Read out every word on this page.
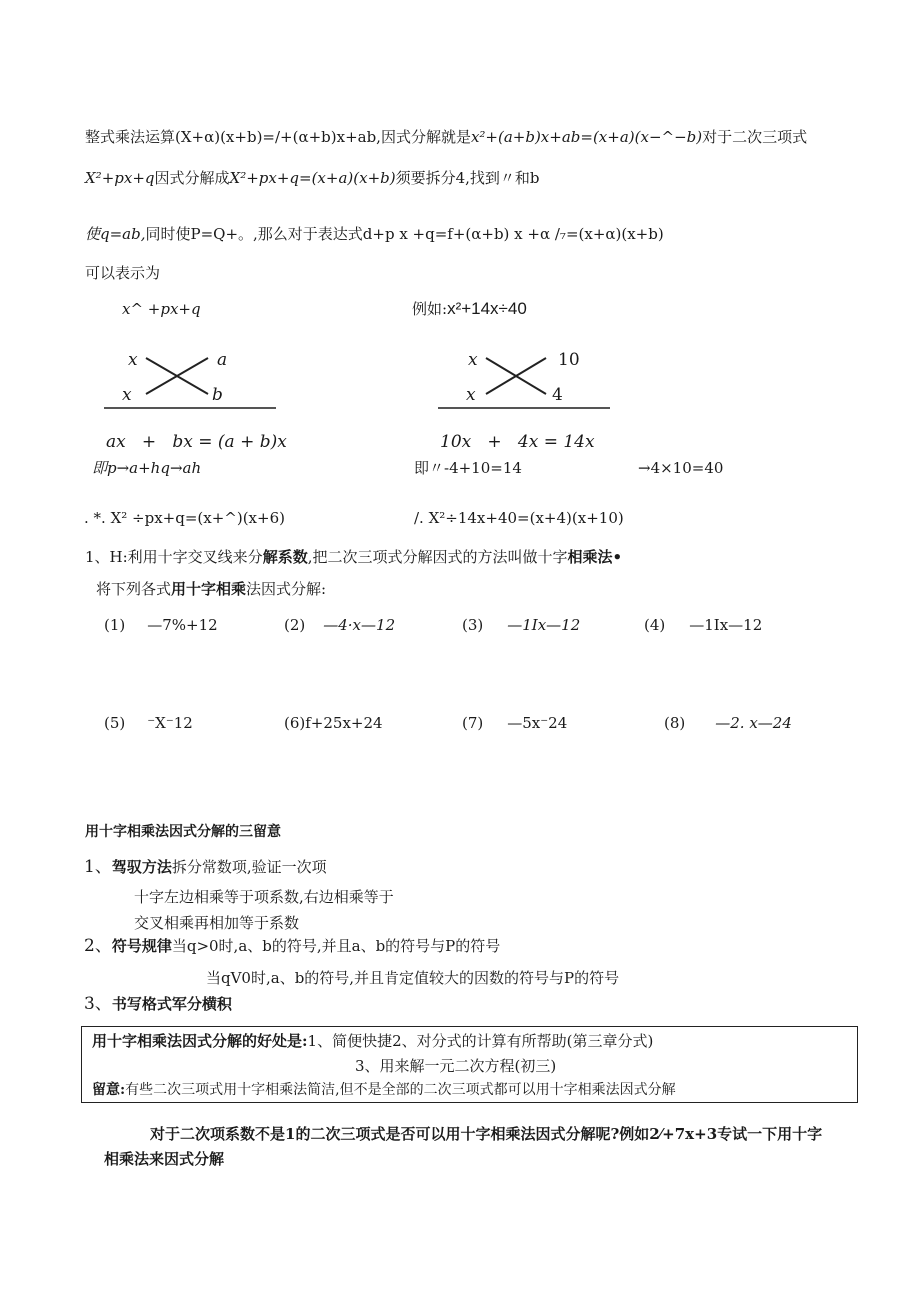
整式乘法运算(X+α)(x+b)=/+(α+b)x+ab,因式分解就是x²+(a+b)x+ab=(x+a)(x−^−b)对于二次三项式
X²+px+q因式分解成X²+px+q=(x+a)(x+b)须要拆分4,找到〃和b
使q=ab,同时使P=Q+。,那么对于表达式d+p x +q=f+(α+b) x +α /₇=(x+α)(x+b)
可以表示为
x^ +px+q
x	a
x	b
ax   +   bx = (a + b)x
即p→a+hq→ah
例如:x²+14x÷40
x	10
x	4
10x   +   4x = 14x
即〃-4+10=14	→4×10=40
. *. X² ÷px+q=(x+^)(x+6)	/. X²÷14x+40=(x+4)(x+10)
1、H:利用十字交叉线来分解系数,把二次三项式分解因式的方法叫做十字相乘法•
将下列各式用十字相乘法因式分解:
(1) —7%+12	(2) —4·x—12	(3) —1Ix—12	(4) —1Ix—12
(5) ⁻X⁻12	(6)f+25x+24	(7) —5x⁻24	(8) —2. x—24
用十字相乘法因式分解的三留意
1、驾驭方法拆分常数项,验证一次项
十字左边相乘等于项系数,右边相乘等于
交叉相乘再相加等于系数
2、符号规律当q>0时,a、b的符号,并且a、b的符号与P的符号
当qV0时,a、b的符号,并且肯定值较大的因数的符号与P的符号
3、书写格式军分横积
用十字相乘法因式分解的好处是:1、简便快捷2、对分式的计算有所帮助(第三章分式)
3、用来解一元二次方程(初三)
留意:有些二次三项式用十字相乘法简洁,但不是全部的二次三项式都可以用十字相乘法因式分解
对于二次项系数不是1的二次三项式是否可以用十字相乘法因式分解呢?例如2⁄+7x+3专试一下用十字
相乘法来因式分解
